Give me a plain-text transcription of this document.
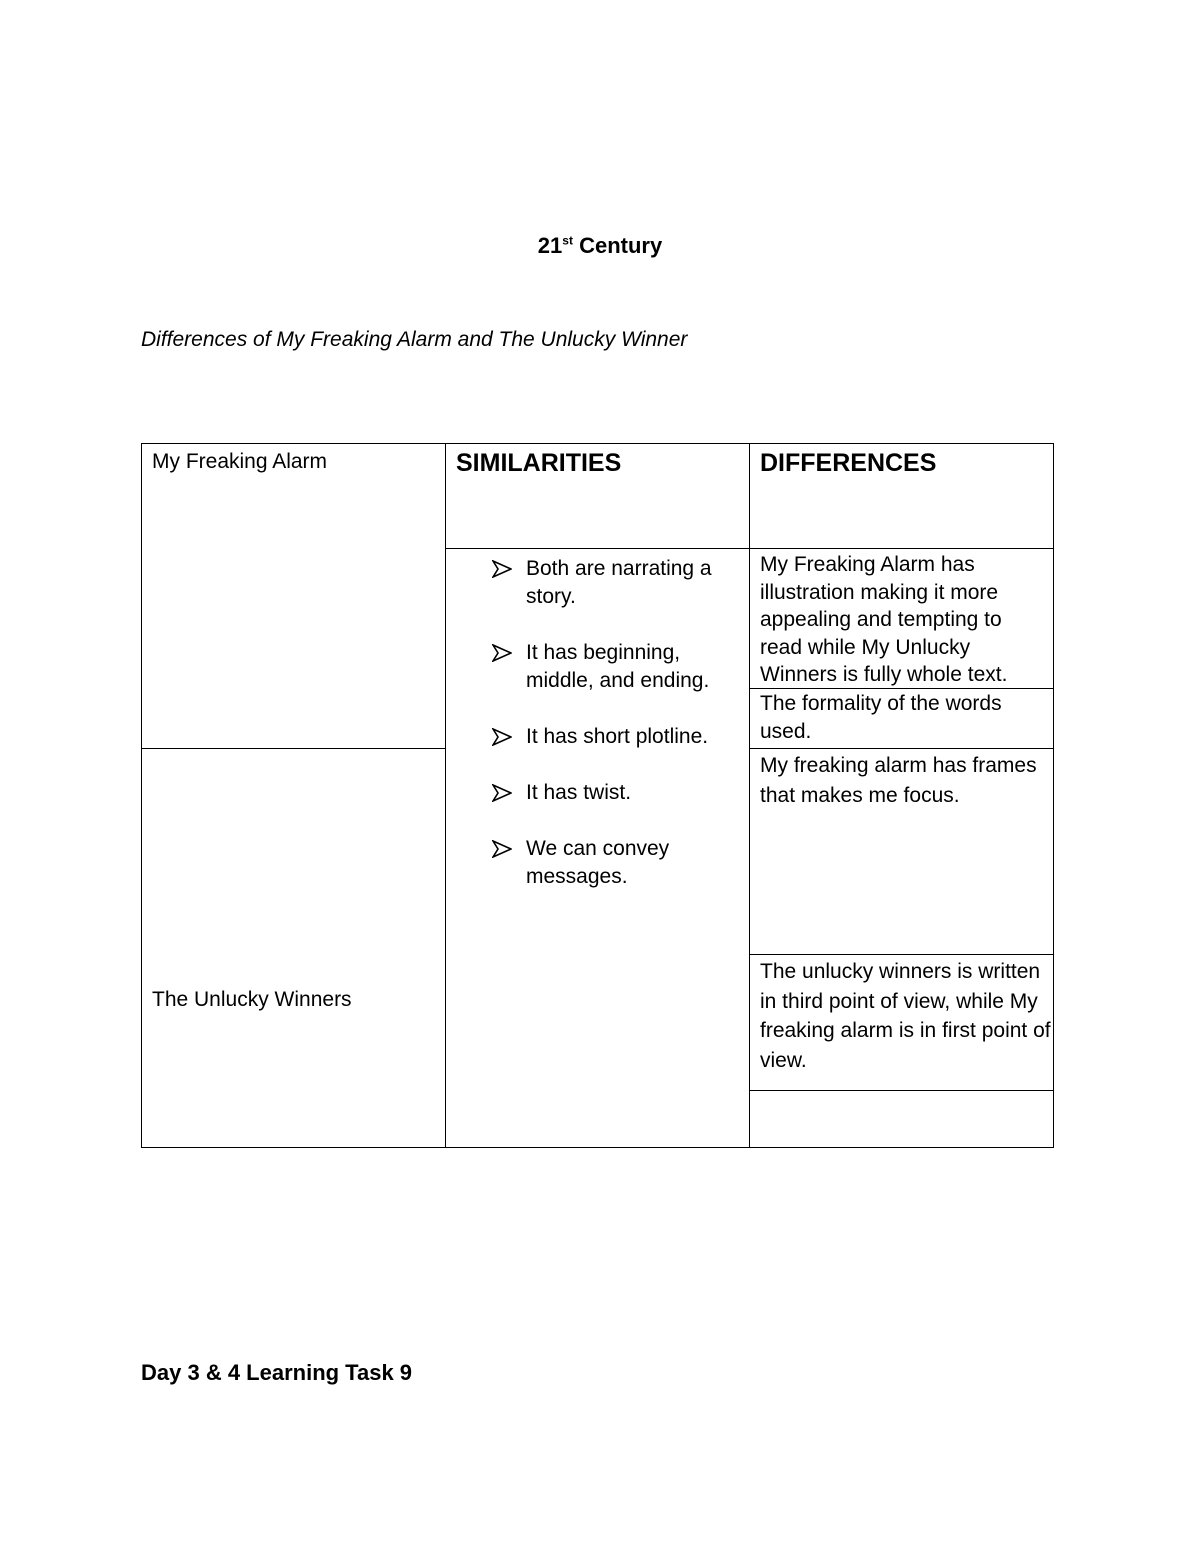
21st Century
Differences of My Freaking Alarm and The Unlucky Winner
My Freaking Alarm
The Unlucky Winners
SIMILARITIES	DIFFERENCES
Both are narrating a story.
It has beginning, middle, and ending.
It has short plotline.
It has twist.
We can convey messages.
My Freaking Alarm has illustration making it more appealing and tempting to read while My Unlucky Winners is fully whole text.
The formality of the words used.
My freaking alarm has frames that makes me focus.
The unlucky winners is written in third point of view, while My freaking alarm is in first point of view.
Day 3 & 4 Learning Task 9
